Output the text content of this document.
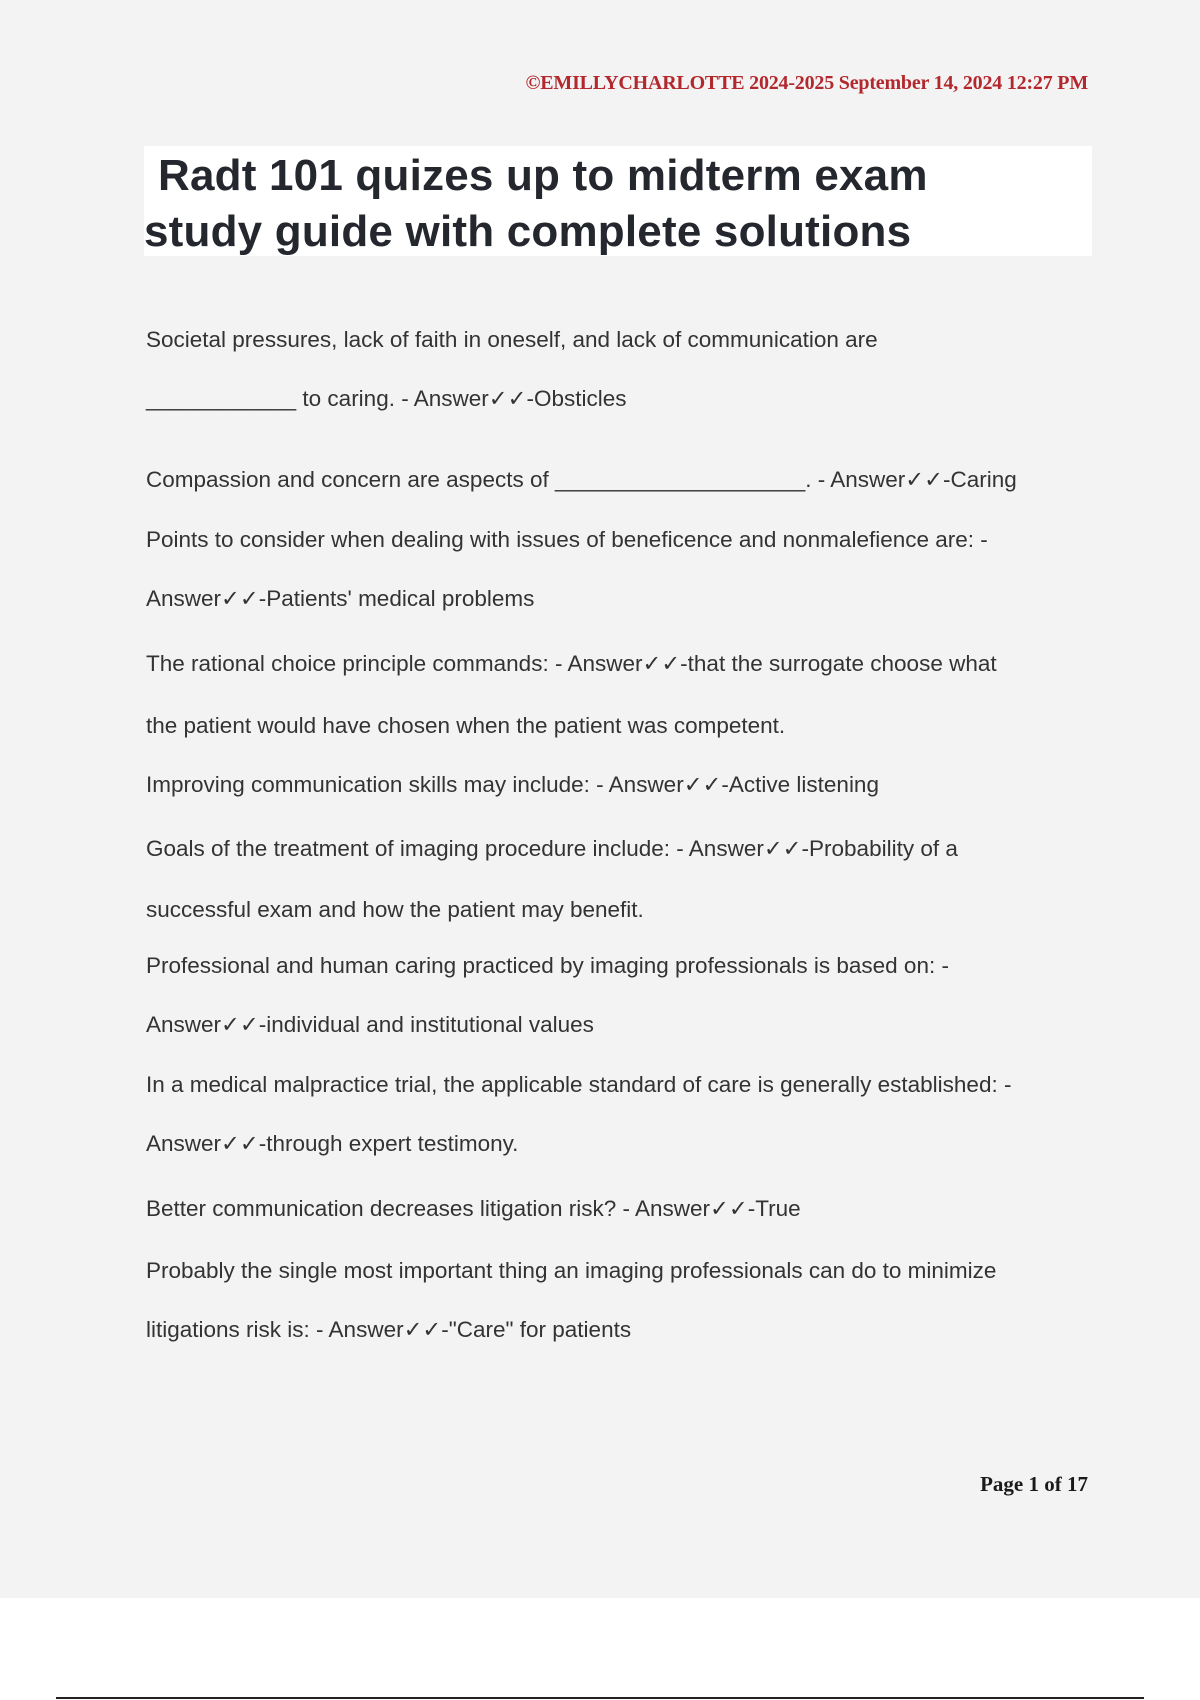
©EMILLYCHARLOTTE 2024-2025 September 14, 2024 12:27 PM
Radt 101 quizes up to midterm exam
study guide with complete solutions
Societal pressures, lack of faith in oneself, and lack of communication are
____________ to caring. - Answer✓✓-Obsticles
Compassion and concern are aspects of ____________________. - Answer✓✓-Caring
Points to consider when dealing with issues of beneficence and nonmalefience are: -
Answer✓✓-Patients' medical problems
The rational choice principle commands: - Answer✓✓-that the surrogate choose what
the patient would have chosen when the patient was competent.
Improving communication skills may include: - Answer✓✓-Active listening
Goals of the treatment of imaging procedure include: - Answer✓✓-Probability of a
successful exam and how the patient may benefit.
Professional and human caring practiced by imaging professionals is based on: -
Answer✓✓-individual and institutional values
In a medical malpractice trial, the applicable standard of care is generally established: -
Answer✓✓-through expert testimony.
Better communication decreases litigation risk? - Answer✓✓-True
Probably the single most important thing an imaging professionals can do to minimize
litigations risk is: - Answer✓✓-"Care" for patients
Page 1 of 17
